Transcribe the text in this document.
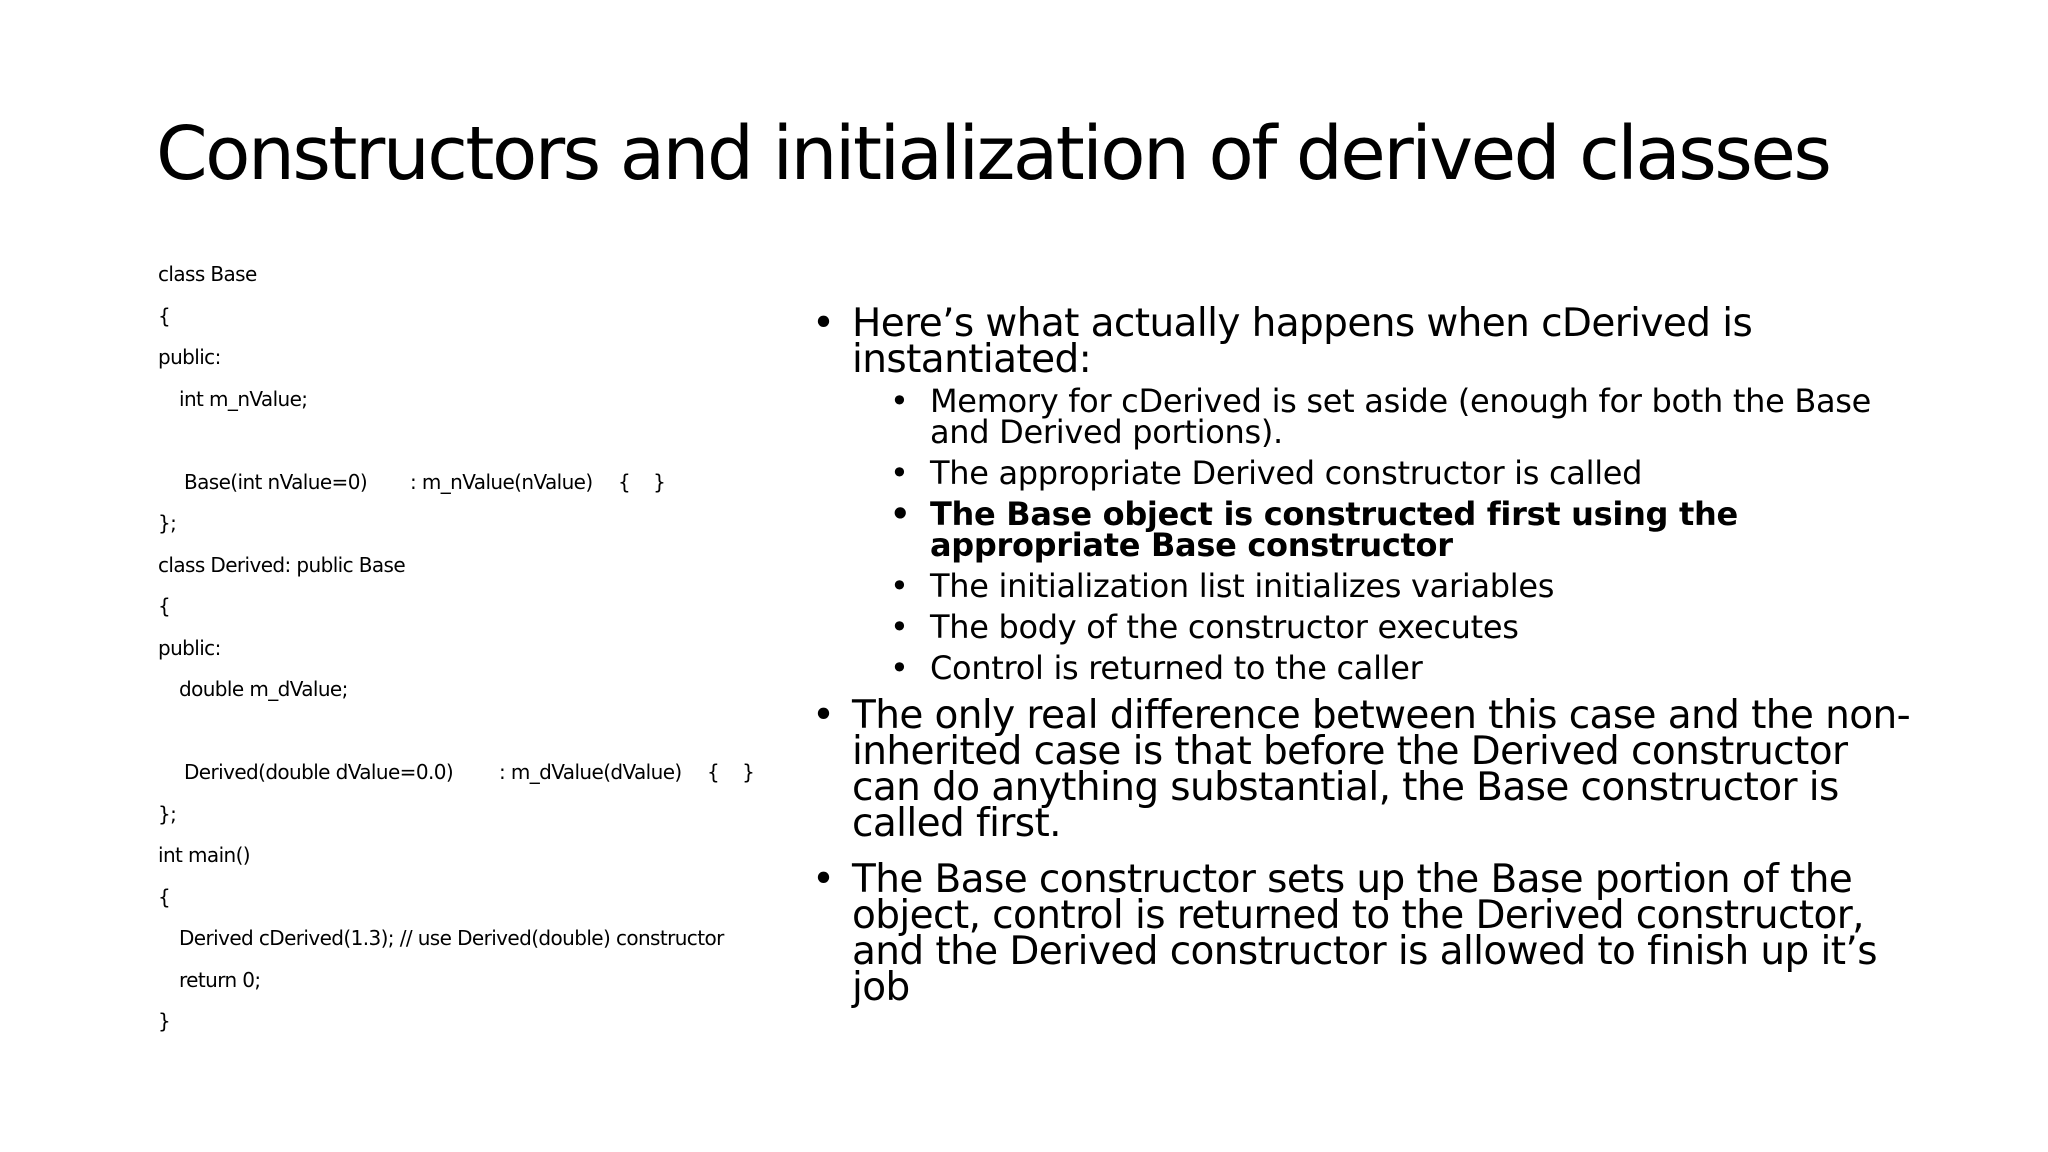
Constructors and initialization of derived classes
class Base
{
public:
int m_nValue;
Base(int nValue=0) : m_nValue(nValue) {    }
};
class Derived: public Base
{
public:
double m_dValue;
Derived(double dValue=0.0) : m_dValue(dValue) {    }
};
int main()
{
Derived cDerived(1.3); // use Derived(double) constructor
return 0;
}
• Here’s what actually happens when cDerived is instantiated:
• Memory for cDerived is set aside (enough for both the Base and Derived portions).
• The appropriate Derived constructor is called
• The Base object is constructed first using the appropriate Base constructor
• The initialization list initializes variables
• The body of the constructor executes
• Control is returned to the caller
• The only real difference between this case and the non-inherited case is that before the Derived constructor can do anything substantial, the Base constructor is called first.
• The Base constructor sets up the Base portion of the object, control is returned to the Derived constructor, and the Derived constructor is allowed to finish up it’s job
